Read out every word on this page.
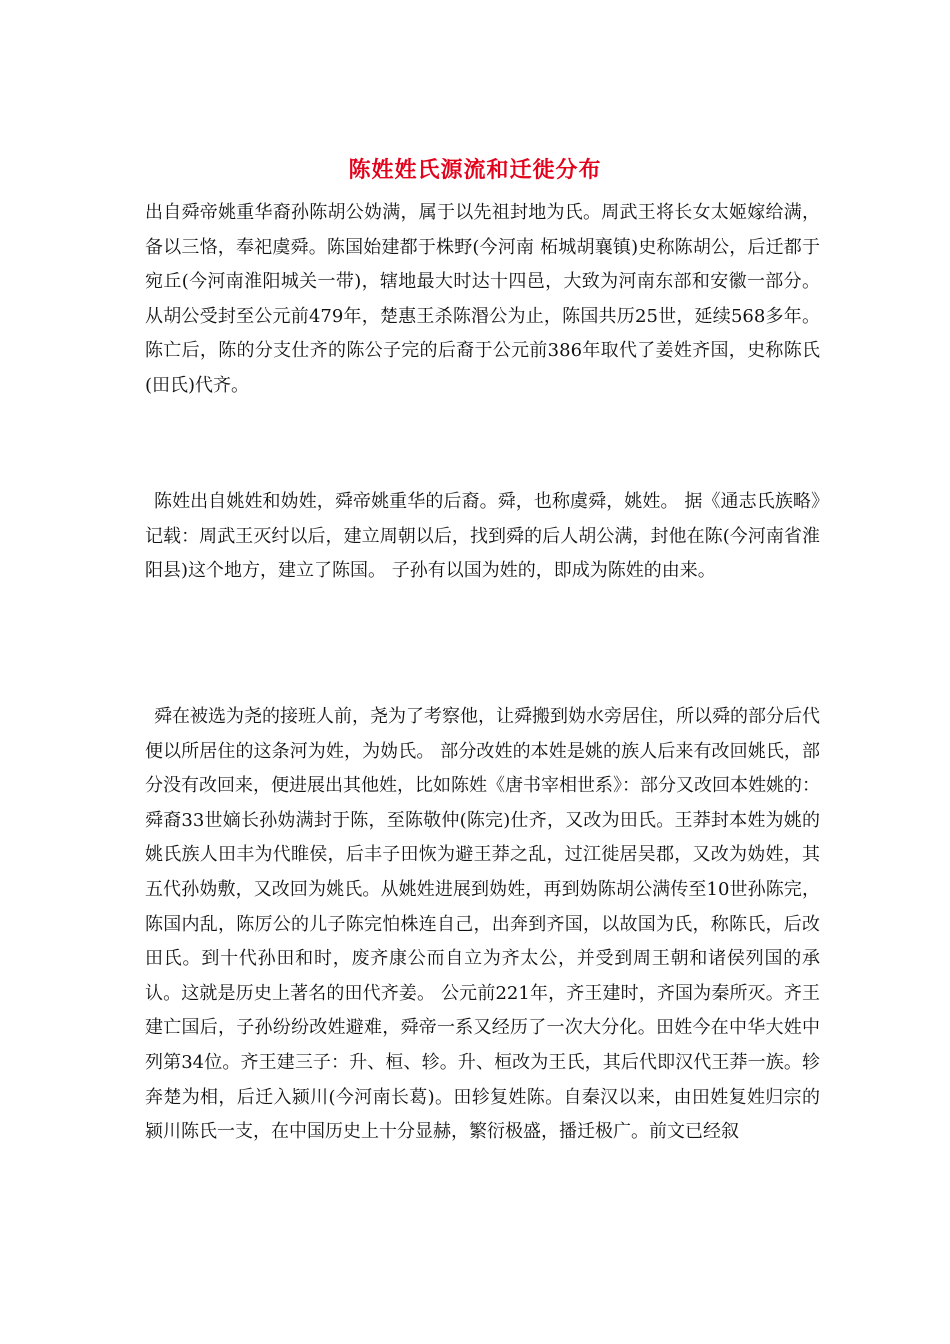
陈姓姓氏源流和迁徙分布

出自舜帝姚重华裔孙陈胡公妫满，属于以先祖封地为氏。周武王将长女太姬嫁给满，备以三恪，奉祀虞舜。陈国始建都于株野(今河南 柘城胡襄镇)史称陈胡公，后迁都于宛丘(今河南淮阳城关一带)，辖地最大时达十四邑，大致为河南东部和安徽一部分。从胡公受封至公元前479年，楚惠王杀陈湣公为止，陈国共历25世，延续568多年。陈亡后，陈的分支仕齐的陈公子完的后裔于公元前386年取代了姜姓齐国，史称陈氏(田氏)代齐。

陈姓出自姚姓和妫姓，舜帝姚重华的后裔。舜，也称虞舜，姚姓。 据《通志氏族略》记载：周武王灭纣以后，建立周朝以后，找到舜的后人胡公满，封他在陈(今河南省淮阳县)这个地方，建立了陈国。 子孙有以国为姓的，即成为陈姓的由来。

舜在被选为尧的接班人前，尧为了考察他，让舜搬到妫水旁居住，所以舜的部分后代便以所居住的这条河为姓，为妫氏。 部分改姓的本姓是姚的族人后来有改回姚氏，部分没有改回来，便进展出其他姓，比如陈姓《唐书宰相世系》：部分又改回本姓姚的：舜裔33世嫡长孙妫满封于陈，至陈敬仲(陈完)仕齐，又改为田氏。王莽封本姓为姚的姚氏族人田丰为代睢侯，后丰子田恢为避王莽之乱，过江徙居吴郡，又改为妫姓，其五代孙妫敷，又改回为姚氏。从姚姓进展到妫姓，再到妫陈胡公满传至10世孙陈完，陈国内乱，陈厉公的儿子陈完怕株连自己，出奔到齐国，以故国为氏，称陈氏，后改田氏。到十代孙田和时，废齐康公而自立为齐太公，并受到周王朝和诸侯列国的承认。这就是历史上著名的田代齐姜。 公元前221年，齐王建时，齐国为秦所灭。齐王建亡国后，子孙纷纷改姓避难，舜帝一系又经历了一次大分化。田姓今在中华大姓中列第34位。齐王建三子：升、桓、轸。升、桓改为王氏，其后代即汉代王莽一族。轸奔楚为相，后迁入颍川(今河南长葛)。田轸复姓陈。自秦汉以来，由田姓复姓归宗的颍川陈氏一支，在中国历史上十分显赫，繁衍极盛，播迁极广。前文已经叙
